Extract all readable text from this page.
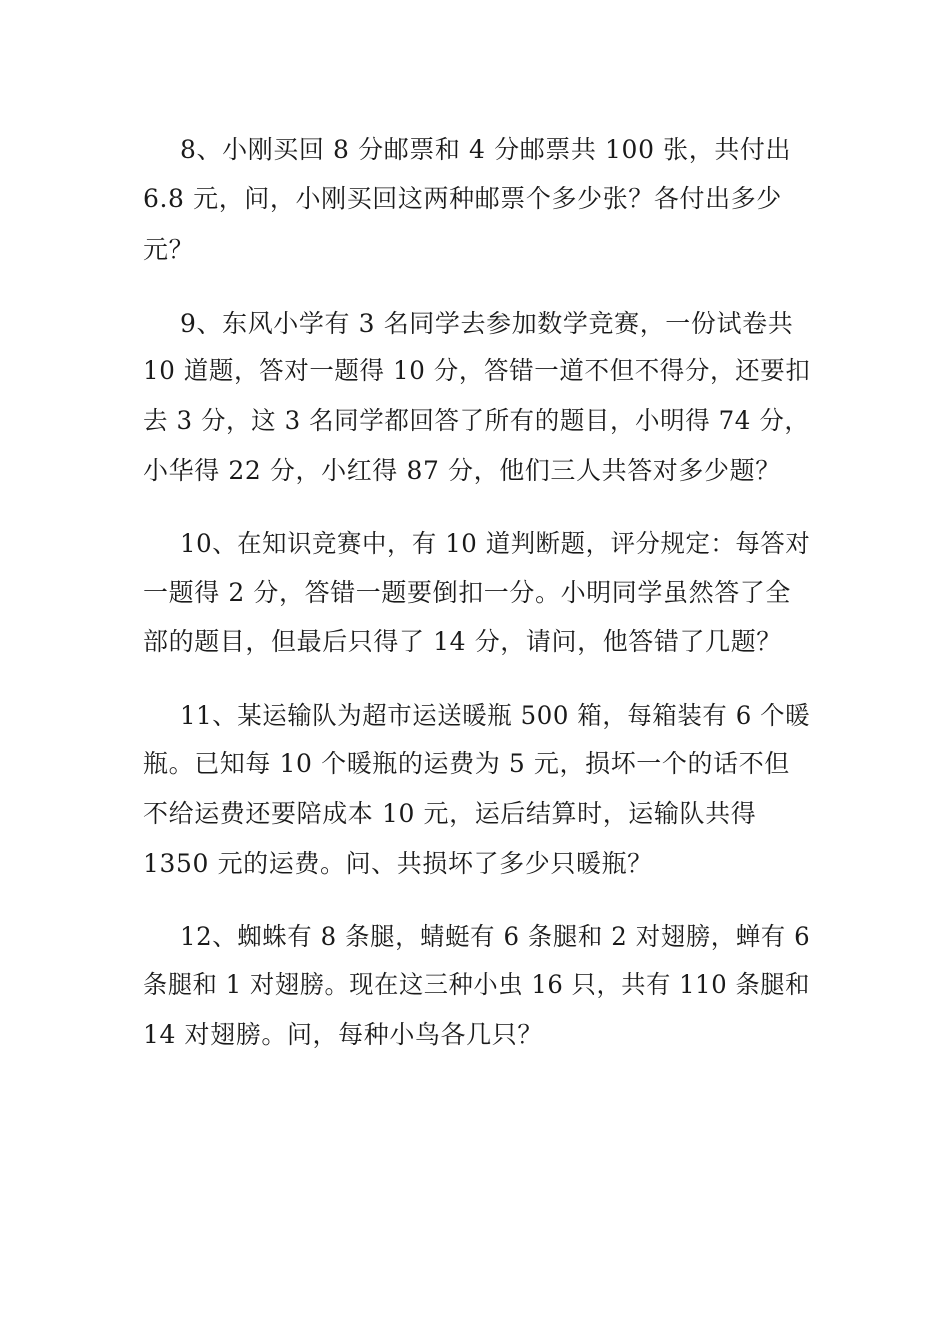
8、小刚买回 8 分邮票和 4 分邮票共 100 张，共付出
6.8 元，问，小刚买回这两种邮票个多少张？各付出多少
元？
9、东风小学有 3 名同学去参加数学竞赛，一份试卷共
10 道题，答对一题得 10 分，答错一道不但不得分，还要扣
去 3 分，这 3 名同学都回答了所有的题目，小明得 74 分，
小华得 22 分，小红得 87 分，他们三人共答对多少题？
10、在知识竞赛中，有 10 道判断题，评分规定：每答对
一题得 2 分，答错一题要倒扣一分。小明同学虽然答了全
部的题目，但最后只得了 14 分，请问，他答错了几题？
11、某运输队为超市运送暖瓶 500 箱，每箱装有 6 个暖
瓶。已知每 10 个暖瓶的运费为 5 元，损坏一个的话不但
不给运费还要陪成本 10 元，运后结算时，运输队共得
1350 元的运费。问、共损坏了多少只暖瓶？
12、蜘蛛有 8 条腿，蜻蜓有 6 条腿和 2 对翅膀，蝉有 6
条腿和 1 对翅膀。现在这三种小虫 16 只，共有 110 条腿和
14 对翅膀。问，每种小鸟各几只？
